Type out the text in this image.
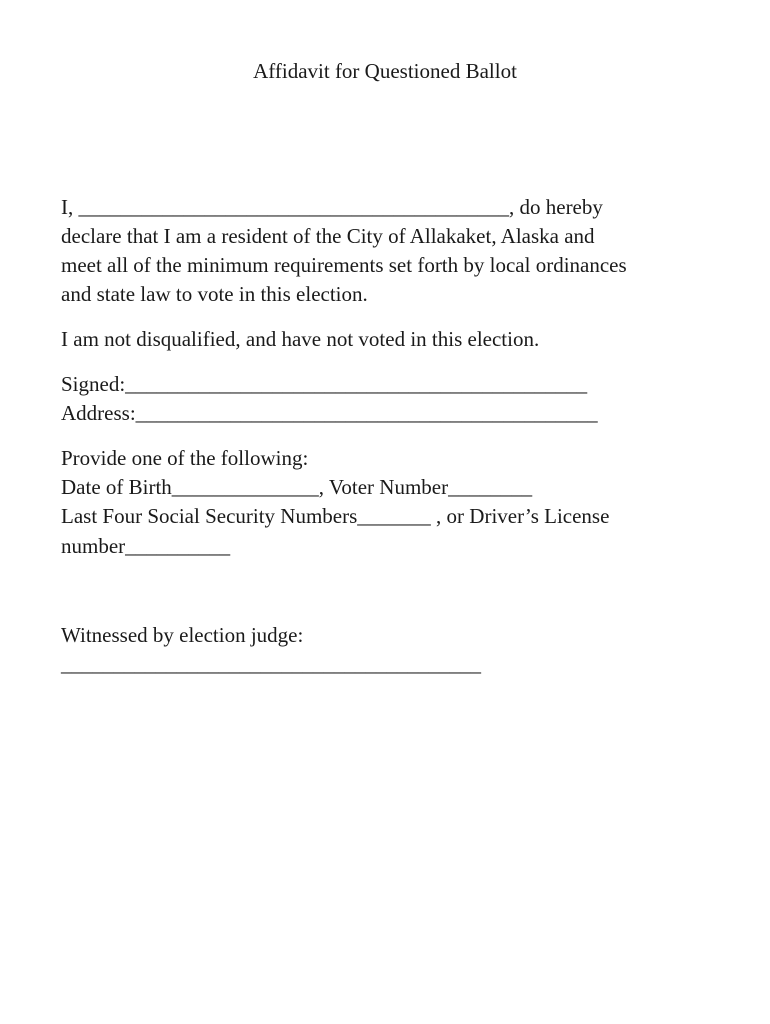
Affidavit for Questioned Ballot
I, _________________________________________, do hereby
declare that I am a resident of the City of Allakaket, Alaska and
meet all of the minimum requirements set forth by local ordinances
and state law to vote in this election.
I am not disqualified, and have not voted in this election.
Signed:____________________________________________
Address:____________________________________________
Provide one of the following:
Date of Birth______________, Voter Number________
Last Four Social Security Numbers_______ , or Driver’s License
number__________
Witnessed by election judge:
________________________________________
